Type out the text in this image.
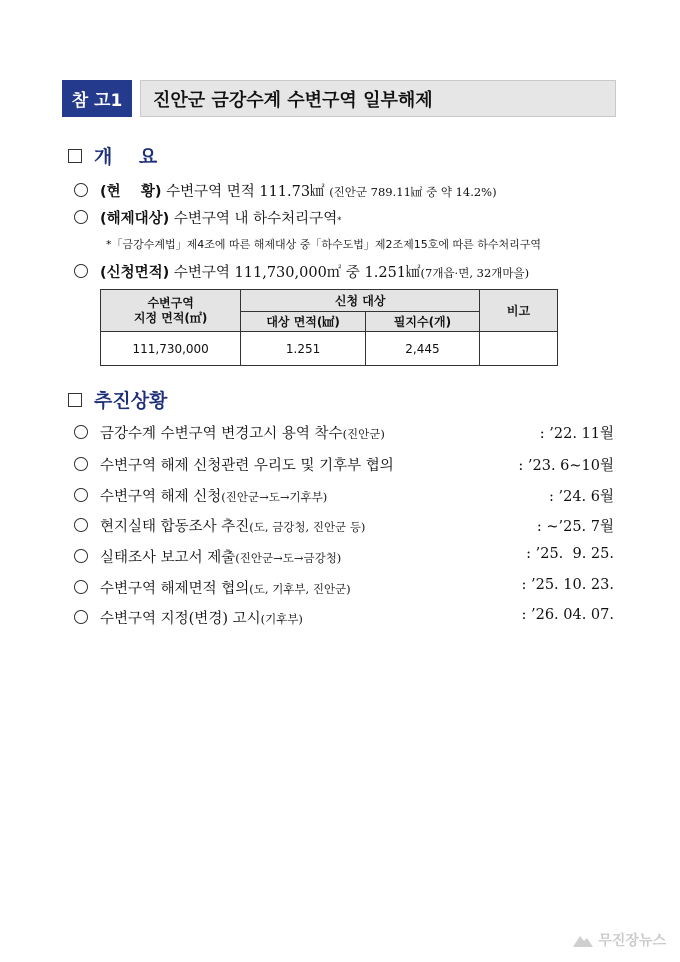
참 고1	진안군 금강수계 수변구역 일부해제
개    요
(현    황)
수변구역 면적 111.73㎢
(진안군 789.11㎢ 중 약 14.2%)
(해제대상)
수변구역 내 하수처리구역 *
*「금강수계법」제4조에 따른 해제대상 중「하수도법」제2조제15호에 따른 하수처리구역
(신청면적)
수변구역 111,730,000㎡ 중 1.251㎢ (7개읍·면, 32개마을)
수변구역
지정 면적(㎡)	신청 대상		비고
	대상 면적(㎢)	필지수(개)	
111,730,000	1.251	2,445	
추진상황
금강수계 수변구역 변경고시 용역 착수 (진안군)	: ’22. 11월
수변구역 해제 신청관련 우리도 및 기후부 협의	: ’23. 6~10월
수변구역 해제 신청 (진안군→도→기후부)	: ’24. 6월
현지실태 합동조사 추진 (도, 금강청, 진안군 등)	: ~’25. 7월
실태조사 보고서 제출 (진안군→도→금강청)	: ’25.  9. 25.
수변구역 해제면적 협의 (도, 기후부, 진안군)	: ’25. 10. 23.
수변구역 지정(변경) 고시 (기후부)	: ’26. 04. 07.
무진장뉴스
